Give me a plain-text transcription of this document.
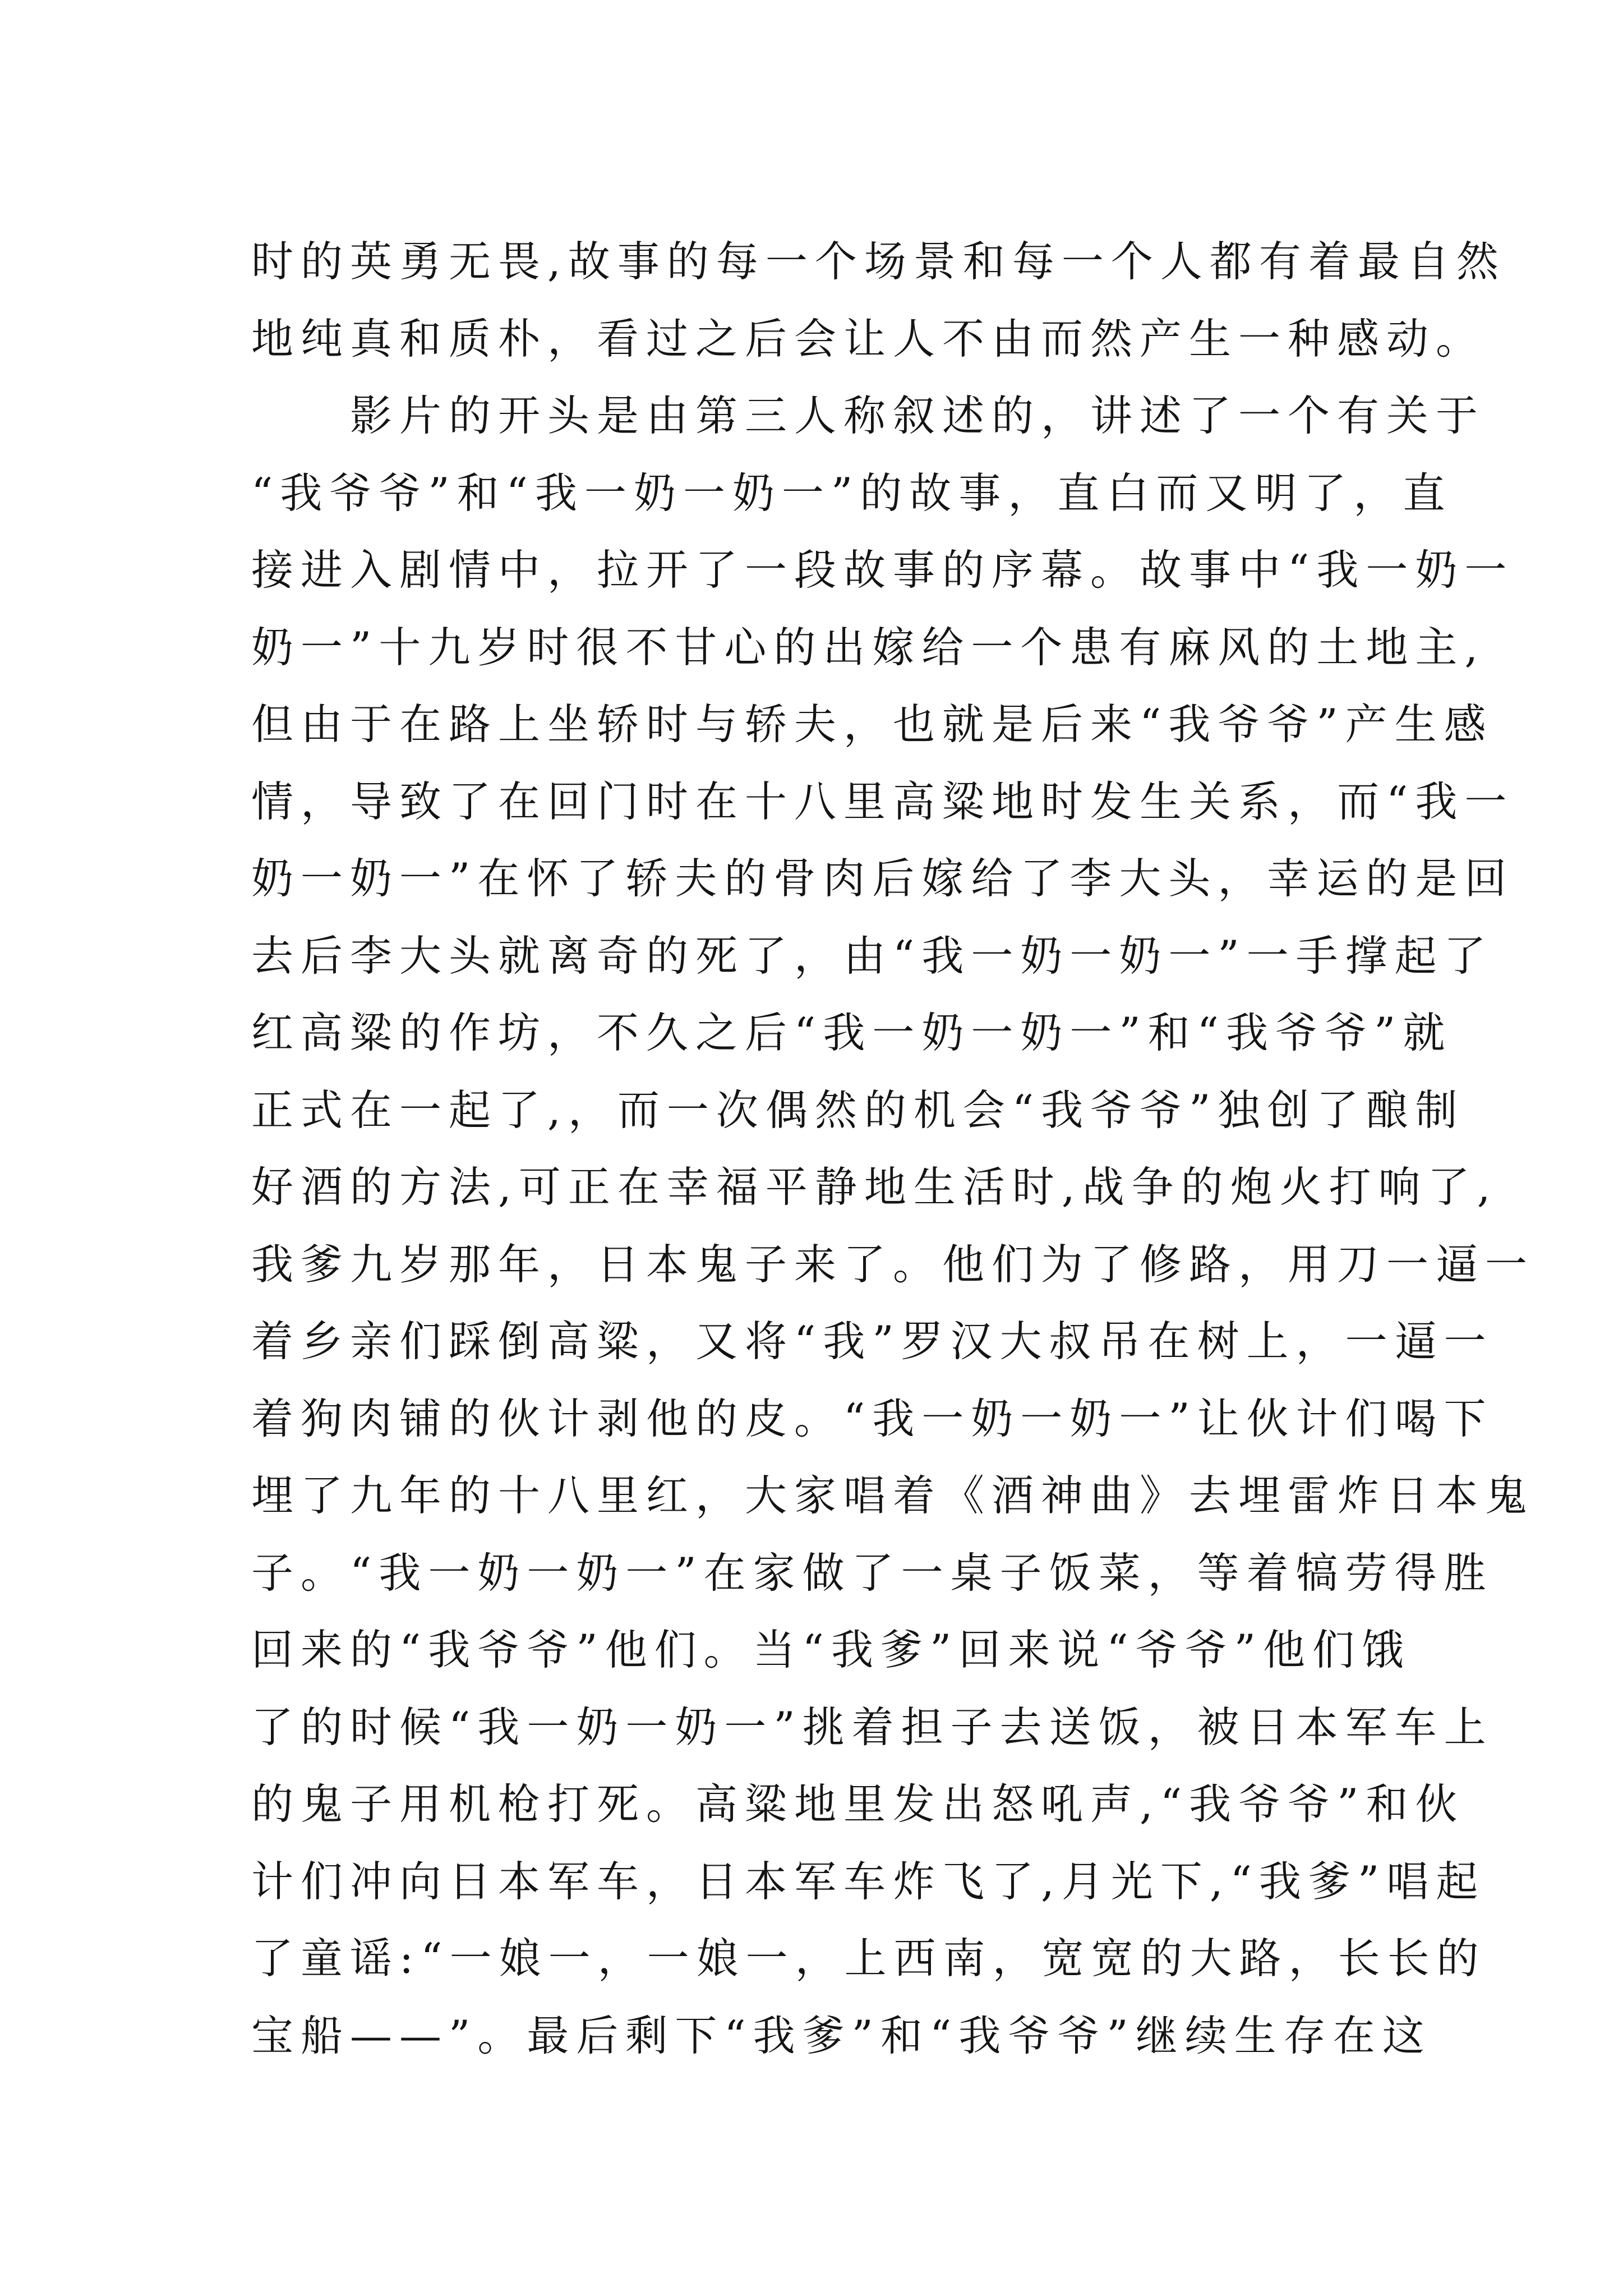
时的英勇无畏,故事的每一个场景和每一个人都有着最自然
地纯真和质朴，看过之后会让人不由而然产生一种感动。
影片的开头是由第三人称叙述的，讲述了一个有关于
“我爷爷”和“我一奶一奶一”的故事，直白而又明了，直
接进入剧情中，拉开了一段故事的序幕。故事中“我一奶一
奶一”十九岁时很不甘心的出嫁给一个患有麻风的土地主,
但由于在路上坐轿时与轿夫，也就是后来“我爷爷”产生感
情，导致了在回门时在十八里高粱地时发生关系，而“我一
奶一奶一”在怀了轿夫的骨肉后嫁给了李大头，幸运的是回
去后李大头就离奇的死了，由“我一奶一奶一”一手撑起了
红高粱的作坊，不久之后“我一奶一奶一”和“我爷爷”就
正式在一起了,，而一次偶然的机会“我爷爷”独创了酿制
好酒的方法,可正在幸福平静地生活时,战争的炮火打响了,
我爹九岁那年，日本鬼子来了。他们为了修路，用刀一逼一
着乡亲们踩倒高粱，又将“我”罗汉大叔吊在树上，一逼一
着狗肉铺的伙计剥他的皮。“我一奶一奶一”让伙计们喝下
埋了九年的十八里红，大家唱着《酒神曲》去埋雷炸日本鬼
子。“我一奶一奶一”在家做了一桌子饭菜，等着犒劳得胜
回来的“我爷爷”他们。当“我爹”回来说“爷爷”他们饿
了的时候“我一奶一奶一”挑着担子去送饭，被日本军车上
的鬼子用机枪打死。高粱地里发出怒吼声,“我爷爷”和伙
计们冲向日本军车，日本军车炸飞了,月光下,“我爹”唱起
了童谣:“一娘一，一娘一，上西南，宽宽的大路，长长的
宝船——”。最后剩下“我爹”和“我爷爷”继续生存在这
